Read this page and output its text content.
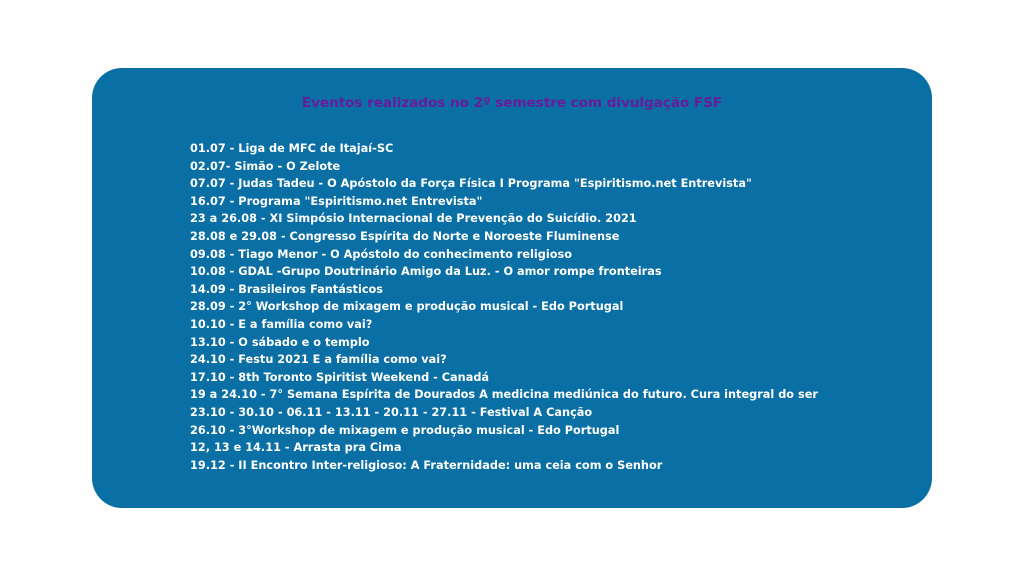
Eventos realizados no 2º semestre com divulgação FSF
01.07 - Liga de MFC de Itajaí-SC
02.07- Simão - O Zelote
07.07 - Judas Tadeu - O Apóstolo da Força Física I Programa "Espiritismo.net Entrevista"
16.07 - Programa "Espiritismo.net Entrevista"
23 a 26.08 - XI Simpósio Internacional de Prevenção do Suicídio. 2021
28.08 e 29.08 - Congresso Espírita do Norte e Noroeste Fluminense
09.08 - Tiago Menor - O Apóstolo do conhecimento religioso
10.08 - GDAL -Grupo Doutrinário Amigo da Luz. - O amor rompe fronteiras
14.09 - Brasileiros Fantásticos
28.09 - 2° Workshop de mixagem e produção musical - Edo Portugal
10.10 - E a família como vai?
13.10 - O sábado e o templo
24.10 - Festu 2021 E a família como vai?
17.10 - 8th Toronto Spiritist Weekend - Canadá
19 a 24.10 - 7° Semana Espírita de Dourados A medicina mediúnica do futuro. Cura integral do ser
23.10 - 30.10 - 06.11 - 13.11 - 20.11 - 27.11 - Festival A Canção
26.10 - 3°Workshop de mixagem e produção musical - Edo Portugal
12, 13 e 14.11 - Arrasta pra Cima
19.12 - II Encontro Inter-religioso: A Fraternidade: uma ceia com o Senhor
